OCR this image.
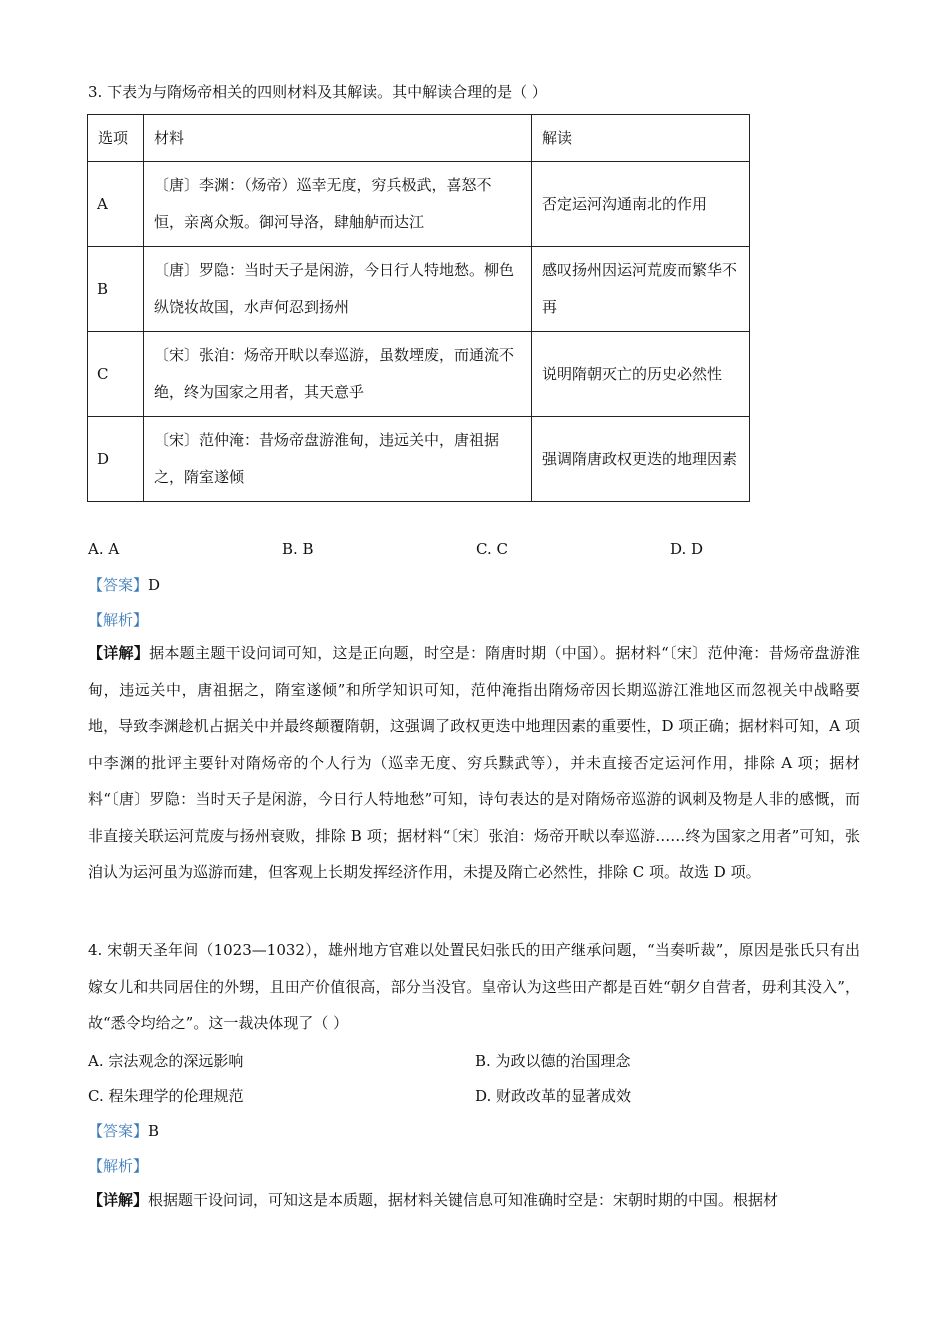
3. 下表为与隋炀帝相关的四则材料及其解读。其中解读合理的是（ ）
选项	材料	解读
A	〔唐〕李渊：（炀帝）巡幸无度，穷兵极武，喜怒不恒，亲离众叛。御河导洛，肆舳舻而达江	否定运河沟通南北的作用
B	〔唐〕罗隐：当时天子是闲游，今日行人特地愁。柳色纵饶妆故国，水声何忍到扬州	感叹扬州因运河荒废而繁华不再
C	〔宋〕张洎：炀帝开畎以奉巡游，虽数堙废，而通流不绝，终为国家之用者，其天意乎	说明隋朝灭亡的历史必然性
D	〔宋〕范仲淹：昔炀帝盘游淮甸，违远关中，唐祖据之，隋室遂倾	强调隋唐政权更迭的地理因素
A. A	B. B	C. C	D. D
【答案】D
【解析】
【详解】据本题主题干设问词可知，这是正向题，时空是：隋唐时期（中国）。据材料“〔宋〕范仲淹：昔炀帝盘游淮甸，违远关中，唐祖据之，隋室遂倾”和所学知识可知，范仲淹指出隋炀帝因长期巡游江淮地区而忽视关中战略要地，导致李渊趁机占据关中并最终颠覆隋朝，这强调了政权更迭中地理因素的重要性，D 项正确；据材料可知，A 项中李渊的批评主要针对隋炀帝的个人行为（巡幸无度、穷兵黩武等），并未直接否定运河作用，排除 A 项；据材料“〔唐〕罗隐：当时天子是闲游，今日行人特地愁”可知，诗句表达的是对隋炀帝巡游的讽刺及物是人非的感慨，而非直接关联运河荒废与扬州衰败，排除 B 项；据材料“〔宋〕张洎：炀帝开畎以奉巡游……终为国家之用者”可知，张洎认为运河虽为巡游而建，但客观上长期发挥经济作用，未提及隋亡必然性，排除 C 项。故选 D 项。
4. 宋朝天圣年间（1023—1032），雄州地方官难以处置民妇张氏的田产继承问题，“当奏听裁”，原因是张氏只有出嫁女儿和共同居住的外甥，且田产价值很高，部分当没官。皇帝认为这些田产都是百姓“朝夕自营者，毋利其没入”，故“悉令均给之”。这一裁决体现了（ ）
A. 宗法观念的深远影响	B. 为政以德的治国理念
C. 程朱理学的伦理规范	D. 财政改革的显著成效
【答案】B
【解析】
【详解】根据题干设问词，可知这是本质题，据材料关键信息可知准确时空是：宋朝时期的中国。根据材
